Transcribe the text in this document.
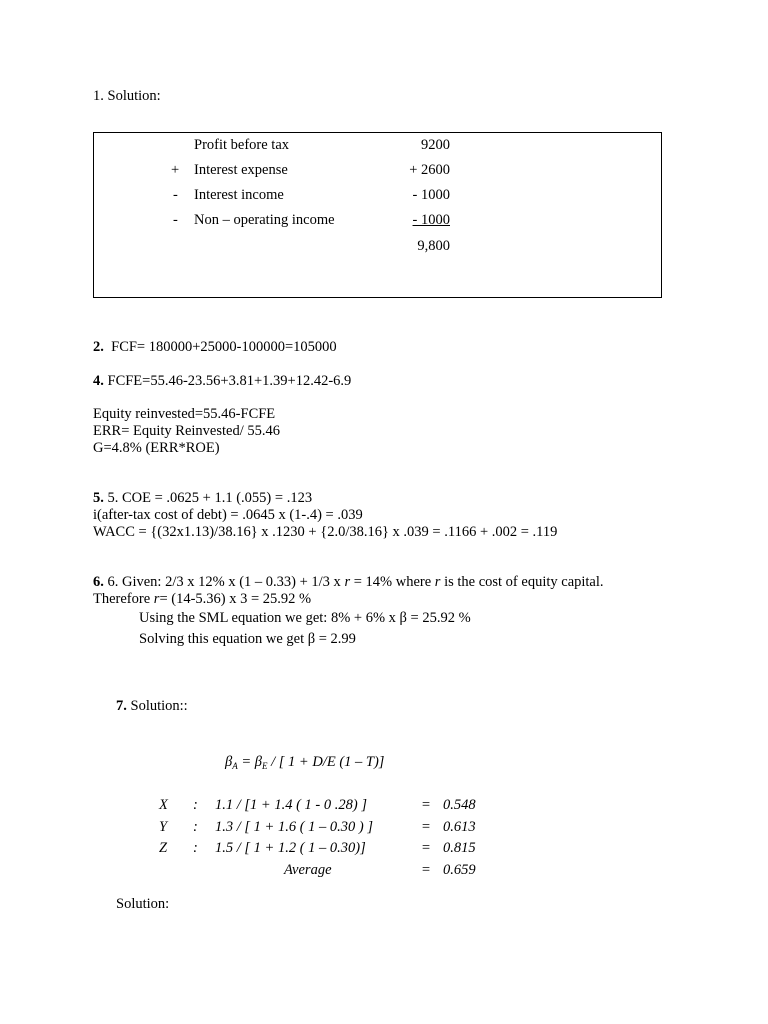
1. Solution:
Profit before tax	9200
+ Interest expense	+ 2600
- Interest income	- 1000
- Non – operating income	- 1000
9,800
2. FCF= 180000+25000-100000=105000
4. FCFE=55.46-23.56+3.81+1.39+12.42-6.9
Equity reinvested=55.46-FCFE
ERR= Equity Reinvested/ 55.46
G=4.8% (ERR*ROE)
5. 5. COE = .0625 + 1.1 (.055) = .123
i(after-tax cost of debt) = .0645 x (1-.4) = .039
WACC = {(32x1.13)/38.16} x .1230 + {2.0/38.16} x .039 = .1166 + .002 = .119
6. 6. Given: 2/3 x 12% x (1 – 0.33) + 1/3 x r = 14% where r is the cost of equity capital.
Therefore r= (14-5.36) x 3 = 25.92 %
Using the SML equation we get: 8% + 6% x β = 25.92 %
Solving this equation we get β = 2.99
7. Solution::
$\beta_A = \beta_E$ / [ 1 + D/E (1 – T)]
X : 1.1 / [1 + 1.4 ( 1 - 0 .28) ]	= 0.548
Y : 1.3 / [ 1 + 1.6 ( 1 – 0.30 ) ]	= 0.613
Z : 1.5 / [ 1 + 1.2 ( 1 – 0.30)]	= 0.815
Average	= 0.659
Solution:
